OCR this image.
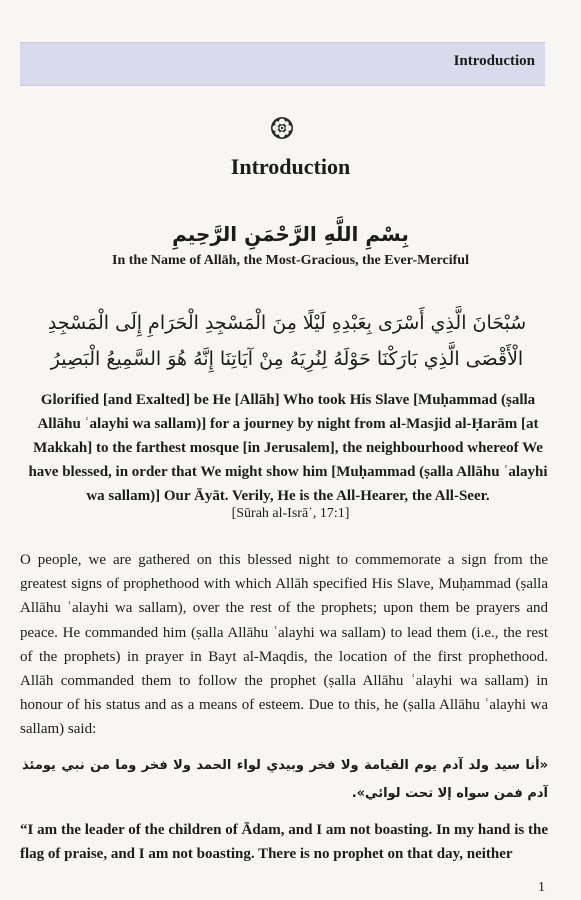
Introduction
Introduction
بِسْمِ اللَّهِ الرَّحْمَنِ الرَّحِيمِ
In the Name of Allāh, the Most-Gracious, the Ever-Merciful
سُبْحَانَ الَّذِي أَسْرَى بِعَبْدِهِ لَيْلًا مِنَ الْمَسْجِدِ الْحَرَامِ إِلَى الْمَسْجِدِ الْأَقْصَى الَّذِي بَارَكْنَا حَوْلَهُ لِنُرِيَهُ مِنْ آيَاتِنَا إِنَّهُ هُوَ السَّمِيعُ الْبَصِيرُ
Glorified [and Exalted] be He [Allāh] Who took His Slave [Muḥammad (ṣalla Allāhu ʿalayhi wa sallam)] for a journey by night from al-Masjid al-Ḥarām [at Makkah] to the farthest mosque [in Jerusalem], the neighbourhood whereof We have blessed, in order that We might show him [Muḥammad (ṣalla Allāhu ʿalayhi wa sallam)] Our Āyāt. Verily, He is the All-Hearer, the All-Seer.
[Sūrah al-Isrā᾿, 17:1]
O people, we are gathered on this blessed night to commemorate a sign from the greatest signs of prophethood with which Allāh specified His Slave, Muḥammad (ṣalla Allāhu ʿalayhi wa sallam), over the rest of the prophets; upon them be prayers and peace. He commanded him (ṣalla Allāhu ʿalayhi wa sallam) to lead them (i.e., the rest of the prophets) in prayer in Bayt al-Maqdis, the location of the first prophethood. Allāh commanded them to follow the prophet (ṣalla Allāhu ʿalayhi wa sallam) in honour of his status and as a means of esteem. Due to this, he (ṣalla Allāhu ʿalayhi wa sallam) said:
«أنا سيد ولد آدم يوم القيامة ولا فخر وبيدي لواء الحمد ولا فخر وما من نبي يومئذ آدم فمن سواه إلا تحت لوائي».
“I am the leader of the children of Ādam, and I am not boasting. In my hand is the flag of praise, and I am not boasting. There is no prophet on that day, neither
1
